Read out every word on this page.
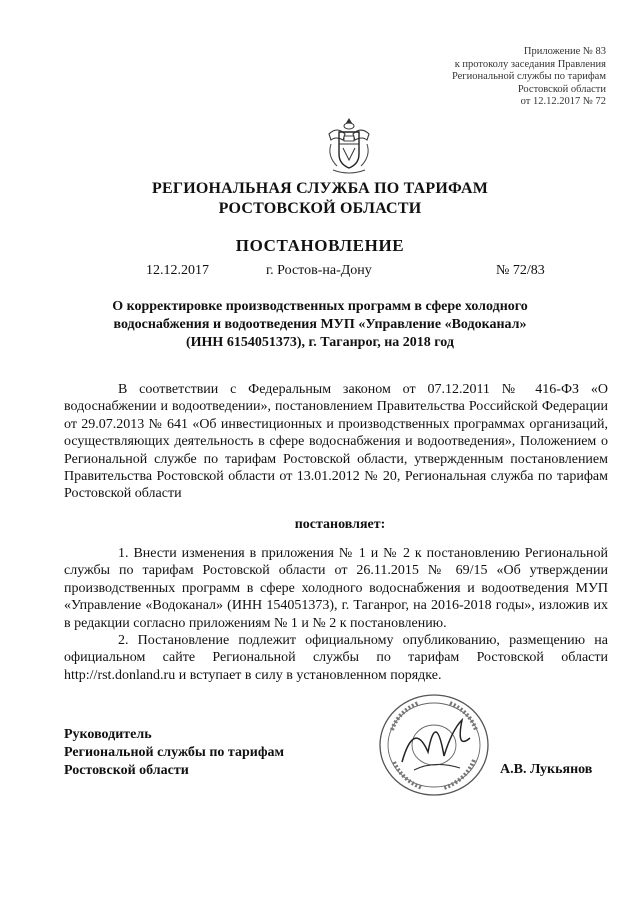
Приложение № 83
к протоколу заседания Правления
Региональной службы по тарифам
Ростовской области
от 12.12.2017 № 72
РЕГИОНАЛЬНАЯ СЛУЖБА ПО ТАРИФАМ
РОСТОВСКОЙ ОБЛАСТИ
ПОСТАНОВЛЕНИЕ
12.12.2017	г. Ростов-на-Дону	№ 72/83
О корректировке производственных программ в сфере холодного
водоснабжения и водоотведения МУП «Управление «Водоканал»
(ИНН 6154051373), г. Таганрог, на 2018 год

В соответствии с Федеральным законом от 07.12.2011 № 416-ФЗ «О водоснабжении и водоотведении», постановлением Правительства Российской Федерации от 29.07.2013 № 641 «Об инвестиционных и производственных программах организаций, осуществляющих деятельность в сфере водоснабжения и водоотведения», Положением о Региональной службе по тарифам Ростовской области, утвержденным постановлением Правительства Ростовской области от 13.01.2012 № 20, Региональная служба по тарифам Ростовской области

постановляет:

1. Внести изменения в приложения № 1 и № 2 к постановлению Региональной службы по тарифам Ростовской области от 26.11.2015 № 69/15 «Об утверждении производственных программ в сфере холодного водоснабжения и водоотведения МУП «Управление «Водоканал» (ИНН 154051373), г. Таганрог, на 2016-2018 годы», изложив их в редакции согласно приложениям № 1 и № 2 к постановлению.

2. Постановление подлежит официальному опубликованию, размещению на официальном сайте Региональной службы по тарифам Ростовской области http://rst.donland.ru и вступает в силу в установленном порядке.

Руководитель
Региональной службы по тарифам
Ростовской области	А.В. Лукьянов
